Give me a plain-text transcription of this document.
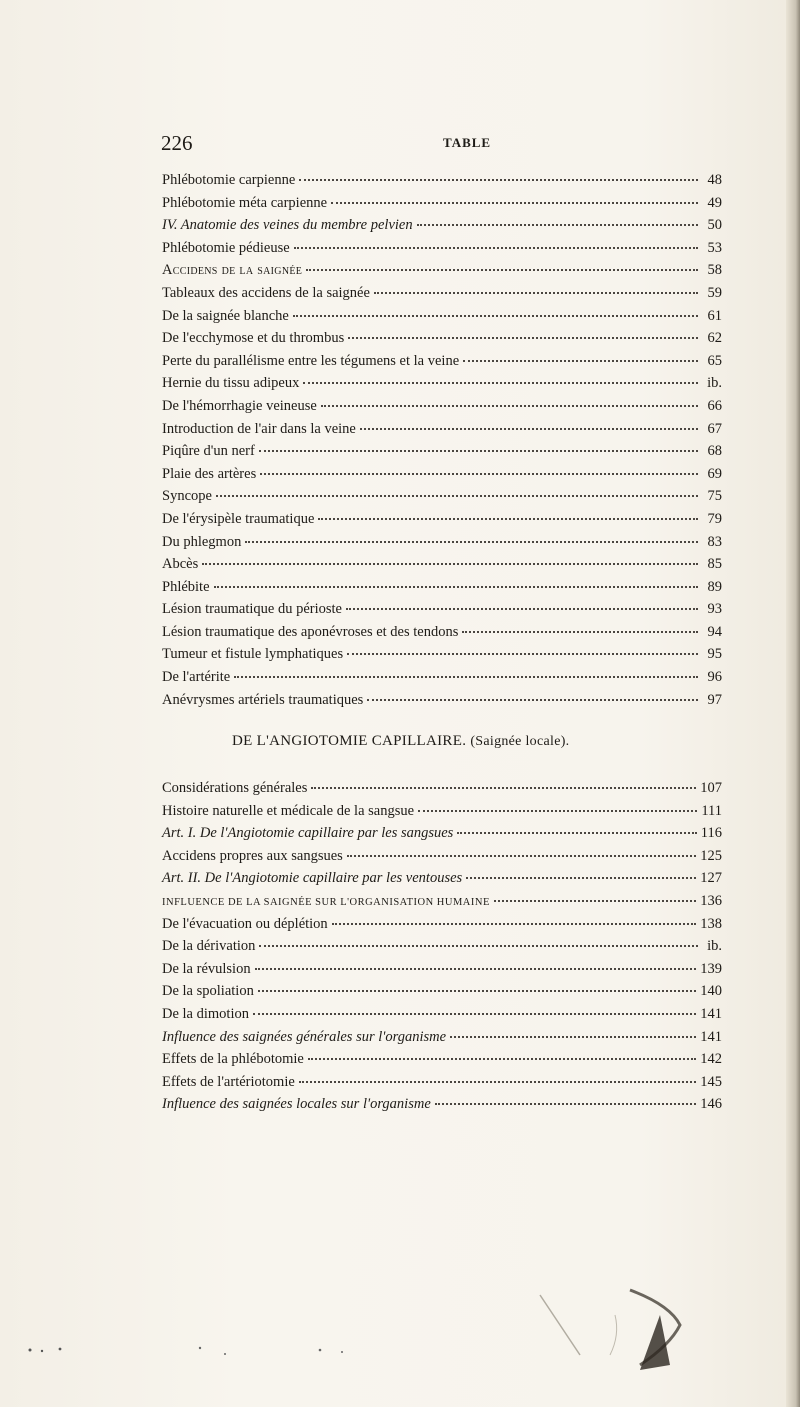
226	TABLE
Phlébotomie carpienne	48
Phlébotomie méta carpienne	49
IV. Anatomie des veines du membre pelvien	50
Phlébotomie pédieuse	53
Accidens de la saignée	58
Tableaux des accidens de la saignée	59
De la saignée blanche	61
De l'ecchymose et du thrombus	62
Perte du parallélisme entre les tégumens et la veine	65
Hernie du tissu adipeux	ib.
De l'hémorrhagie veineuse	66
Introduction de l'air dans la veine	67
Piqûre d'un nerf	68
Plaie des artères	69
Syncope	75
De l'érysipèle traumatique	79
Du phlegmon	83
Abcès	85
Phlébite	89
Lésion traumatique du périoste	93
Lésion traumatique des aponévroses et des tendons	94
Tumeur et fistule lymphatiques	95
De l'artérite	96
Anévrysmes artériels traumatiques	97
DE L'ANGIOTOMIE CAPILLAIRE. (Saignée locale).
Considérations générales	107
Histoire naturelle et médicale de la sangsue	111
Art. I. De l'Angiotomie capillaire par les sangsues	116
Accidens propres aux sangsues	125
Art. II. De l'Angiotomie capillaire par les ventouses	127
INFLUENCE DE LA SAIGNÉE SUR L'ORGANISATION HUMAINE	136
De l'évacuation ou déplétion	138
De la dérivation	ib.
De la révulsion	139
De la spoliation	140
De la dimotion	141
Influence des saignées générales sur l'organisme	141
Effets de la phlébotomie	142
Effets de l'artériotomie	145
Influence des saignées locales sur l'organisme	146
